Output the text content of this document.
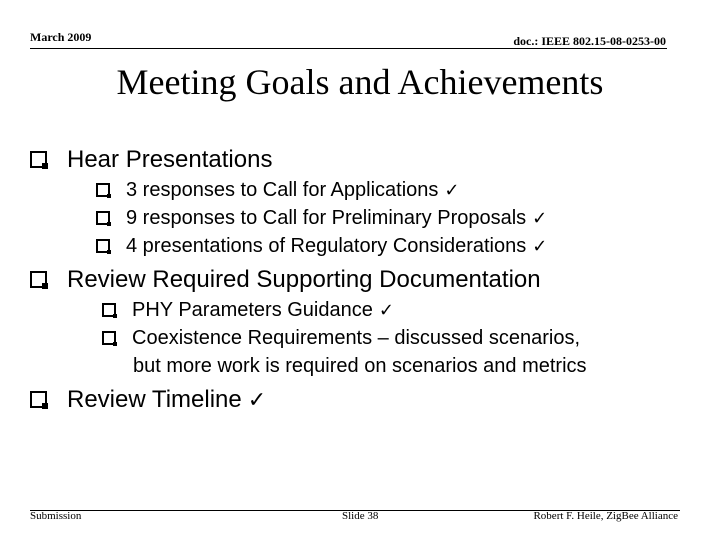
March 2009	doc.: IEEE 802.15-08-0253-00
Meeting Goals and Achievements
Hear Presentations
3 responses to Call for Applications ✓
9 responses to Call for Preliminary Proposals ✓
4 presentations of Regulatory Considerations ✓
Review Required Supporting Documentation
PHY Parameters Guidance ✓
Coexistence Requirements – discussed scenarios,
but more work is required on scenarios and metrics
Review Timeline ✓
Submission	Slide 38	Robert F. Heile, ZigBee Alliance
